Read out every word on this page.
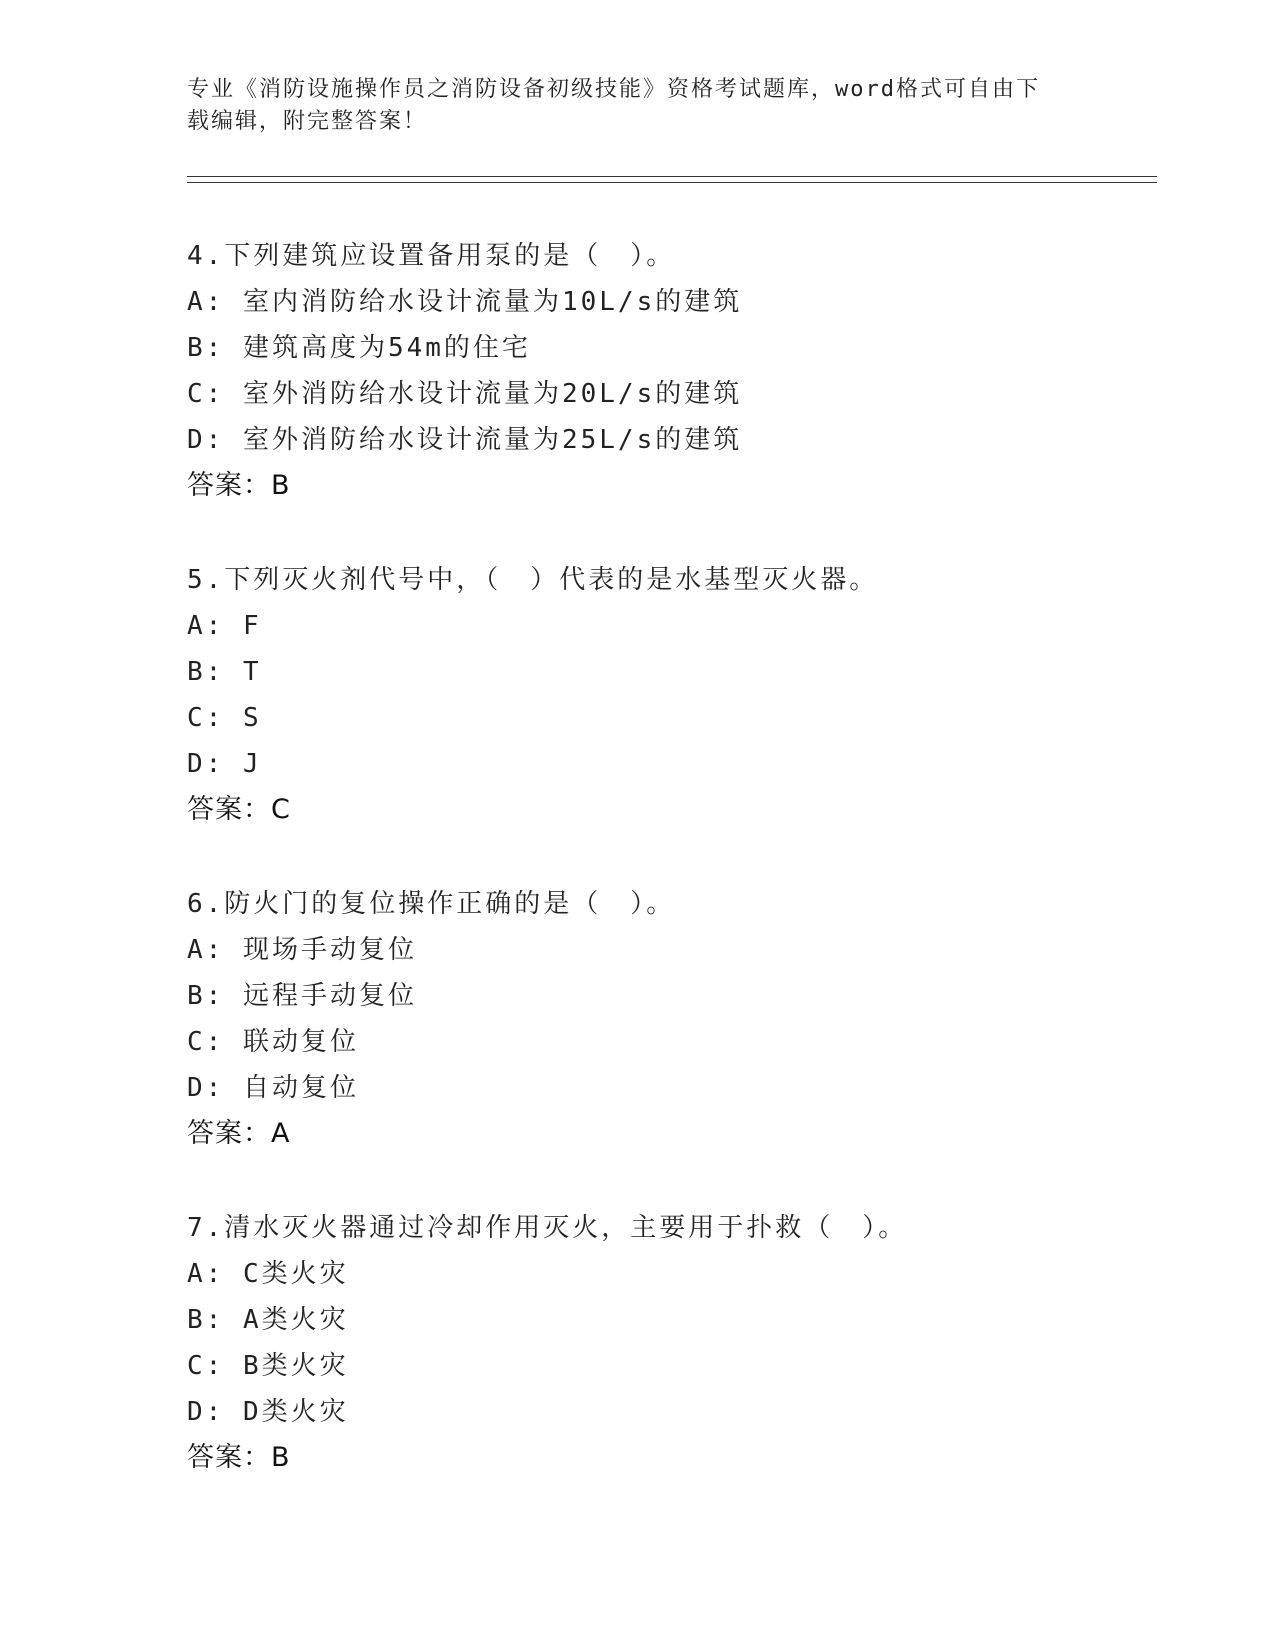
专业《消防设施操作员之消防设备初级技能》资格考试题库，word格式可自由下
载编辑，附完整答案！
4.下列建筑应设置备用泵的是（　）。
A: 室内消防给水设计流量为10L/s的建筑
B: 建筑高度为54m的住宅
C: 室外消防给水设计流量为20L/s的建筑
D: 室外消防给水设计流量为25L/s的建筑
答案：B
5.下列灭火剂代号中，（　）代表的是水基型灭火器。
A: F
B: T
C: S
D: J
答案：C
6.防火门的复位操作正确的是（　）。
A: 现场手动复位
B: 远程手动复位
C: 联动复位
D: 自动复位
答案：A
7.清水灭火器通过冷却作用灭火，主要用于扑救（　）。
A: C类火灾
B: A类火灾
C: B类火灾
D: D类火灾
答案：B
